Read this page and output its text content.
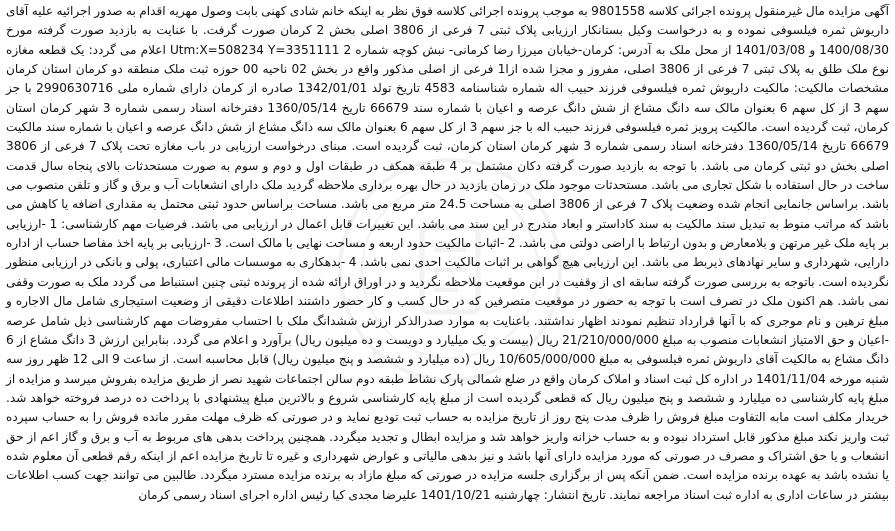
آگهی مزایده مال غیرمنقول پرونده اجرائی کلاسه 9801558 به موجب پرونده اجرائی کلاسه فوق نظر به اینکه خانم شادی کهنی بابت وصول مهریه اقدام به صدور اجرائیه علیه آقای داریوش ثمره فیلسوفی نموده و به درخواست وکیل بستانکار ارزیابی پلاک ثبتی 7 فرعی از 3806 اصلی بخش 2 کرمان صورت گرفت. با عنایت به بازدید صورت گرفته مورخ 1400/08/30 و 1401/03/08 از محل ملک به آدرس: کرمان-خیابان میرزا رضا کرمانی- نبش کوچه شماره 2 Utm:X=508234 Y=3351111 اعلام می گردد: یک قطعه مغازه نوع ملک طلق به پلاک ثبتی 7 فرعی از 3806 اصلی، مفروز و مجزا شده ازا1 فرعی از اصلی مذکور واقع در بخش 02 ناحیه 00 حوزه ثبت ملک منطقه دو کرمان استان کرمان مشخصات مالکیت: مالکیت داریوش ثمره فیلسوفی فرزند حبیب اله شماره شناسنامه 4583 تاریخ تولد 1342/01/01 صادره از کرمان دارای شماره ملی 2990630716 با جز سهم 3 از کل سهم 6 بعنوان مالک سه دانگ مشاع از شش دانگ عرصه و اعیان با شماره سند 66679 تاریخ 1360/05/14 دفترخانه اسناد رسمی شماره 3 شهر کرمان استان کرمان، ثبت گردیده است. مالکیت پرویز ثمره فیلسوفی فرزند حبیب اله با جز سهم 3 از کل سهم 6 بعنوان مالک سه دانگ مشاع از شش دانگ عرصه و اعیان با شماره سند مالکیت 66679 تاریخ 1360/05/14 دفترخانه اسناد رسمی شماره 3 شهر کرمان استان کرمان، ثبت گردیده است. مبنای درخواست ارزیابی در باب مغازه تحت پلاک 7 فرعی از 3806 اصلی بخش دو ثبتی کرمان می باشد. با توجه به بازدید صورت گرفته دکان مشتمل بر 4 طبقه همکف در طبقات اول و دوم و سوم به صورت مستحدثات بالای پنجاه سال قدمت ساخت در حال استفاده با شکل تجاری می باشد. مستحدثات موجود ملک در زمان بازدید در حال بهره برداری ملاحظه گردید ملک دارای انشعابات آب و برق و گاز و تلفن منصوب می باشد. براساس جانمایی انجام شده وضعیت پلاک 7 فرعی از 3806 اصلی به مساحت 24.5 متر مربع می باشد. مساحت براساس حدود ثبتی محتمل به مقداری اضافه یا کاهش می باشد که مراتب منوط به تبدیل سند مالکیت به سند کاداستر و ابعاد مندرج در این سند می باشد. این تغییرات قابل اعمال در ارزیابی می باشد. فرضیات مهم کارشناسی: 1 -ارزیابی بر پایه ملک غیر مرتهن و بلامعارض و بدون ارتباط با اراضی دولتی می باشد. 2 -اثبات مالکیت حدود اربعه و مساحت نهایی با مالک است. 3 -ارزیابی بر پایه اخذ مفاصا حساب از اداره دارایی، شهرداری و سایر نهادهای ذیربط می باشد. این ارزیابی هیچ گواهی بر اثبات مالکیت احدی نمی باشد. 4 -بدهکاری به موسسات مالی اعتباری، پولی و بانکی در ارزیابی منظور نگردیده است. باتوجه به بررسی صورت گرفته سابقه ای از وقفیت در این موقعیت ملاحظه نگردید و در اوراق ارائه شده از پرونده ثبتی چنین استنباط می گردد ملک به صورت وقفی نمی باشد. هم اکنون ملک در تصرف است با توجه به حضور در موقعیت متصرفین که در حال کسب و کار حضور داشتند اطلاعات دقیقی از وضعیت استیجاری شامل مال الاجاره و مبلغ ترهین و نام موجری که با آنها قرارداد تنظیم نمودند اظهار نداشتند. باعنایت به موارد صدرالذکر ارزش ششدانگ ملک با احتساب مفروضات مهم کارشناسی ذیل شامل عرصه -اعیان و حق الامتیاز انشعابات منصوب به مبلغ 21/210/000/000 ریال (بیست و یک میلیارد و دویست و ده میلیون ریال) برآورد و اعلام می گردد. بنابراین ارزش 3 دانگ مشاع از 6 دانگ مشاع به مالکیت آقای داریوش ثمره فیلسوفی به مبلغ 10/605/000/000 ریال (ده میلیارد و ششصد و پنج میلیون ریال) قابل محاسبه است. از ساعت 9 الی 12 ظهر روز سه شنبه مورخه 1401/11/04 در اداره کل ثبت اسناد و املاک کرمان واقع در ضلع شمالی پارک نشاط طبقه دوم سالن اجتماعات شهید نصر از طریق مزایده بفروش میرسد و مزایده از مبلغ پایه کارشناسی ده میلیارد و ششصد و پنج میلیون ریال که قطعی گردیده است از مبلغ پایه کارشناسی شروع و بالاترین مبلغ پیشنهادی با پرداخت ده درصد فروخته خواهد شد. خریدار مکلف است مابه التفاوت مبلغ فروش را ظرف مدت پنج روز از تاریخ مزایده به حساب ثبت تودیع نماید و در صورتی که ظرف مهلت مقرر مانده فروش را به حساب سپرده ثبت واریز نکند مبلغ مذکور قابل استرداد نبوده و به حساب خزانه واریز خواهد شد و مزایده ابطال و تجدید میگردد. همچنین پرداخت بدهی های مربوط به آب و برق و گاز اعم از حق انشعاب و یا حق اشتراک و مصرف در صورتی که مورد مزایده دارای آنها باشد و نیز بدهی مالیاتی و عوارض شهرداری و غیره تا تاریخ مزایده اعم از اینکه رقم قطعی آن معلوم شده یا نشده باشد به عهده برنده مزایده است. ضمن آنکه پس از برگزاری جلسه مزایده در صورتی که مبلغ مازاد به برنده مزایده مسترد میگردد. طالبین می توانند جهت کسب اطلاعات بیشتر در ساعات اداری به اداره ثبت اسناد مراجعه نمایند. تاریخ انتشار: چهارشنبه 1401/10/21 علیرضا مجدی کیا رئیس اداره اجرای اسناد رسمی کرمان
